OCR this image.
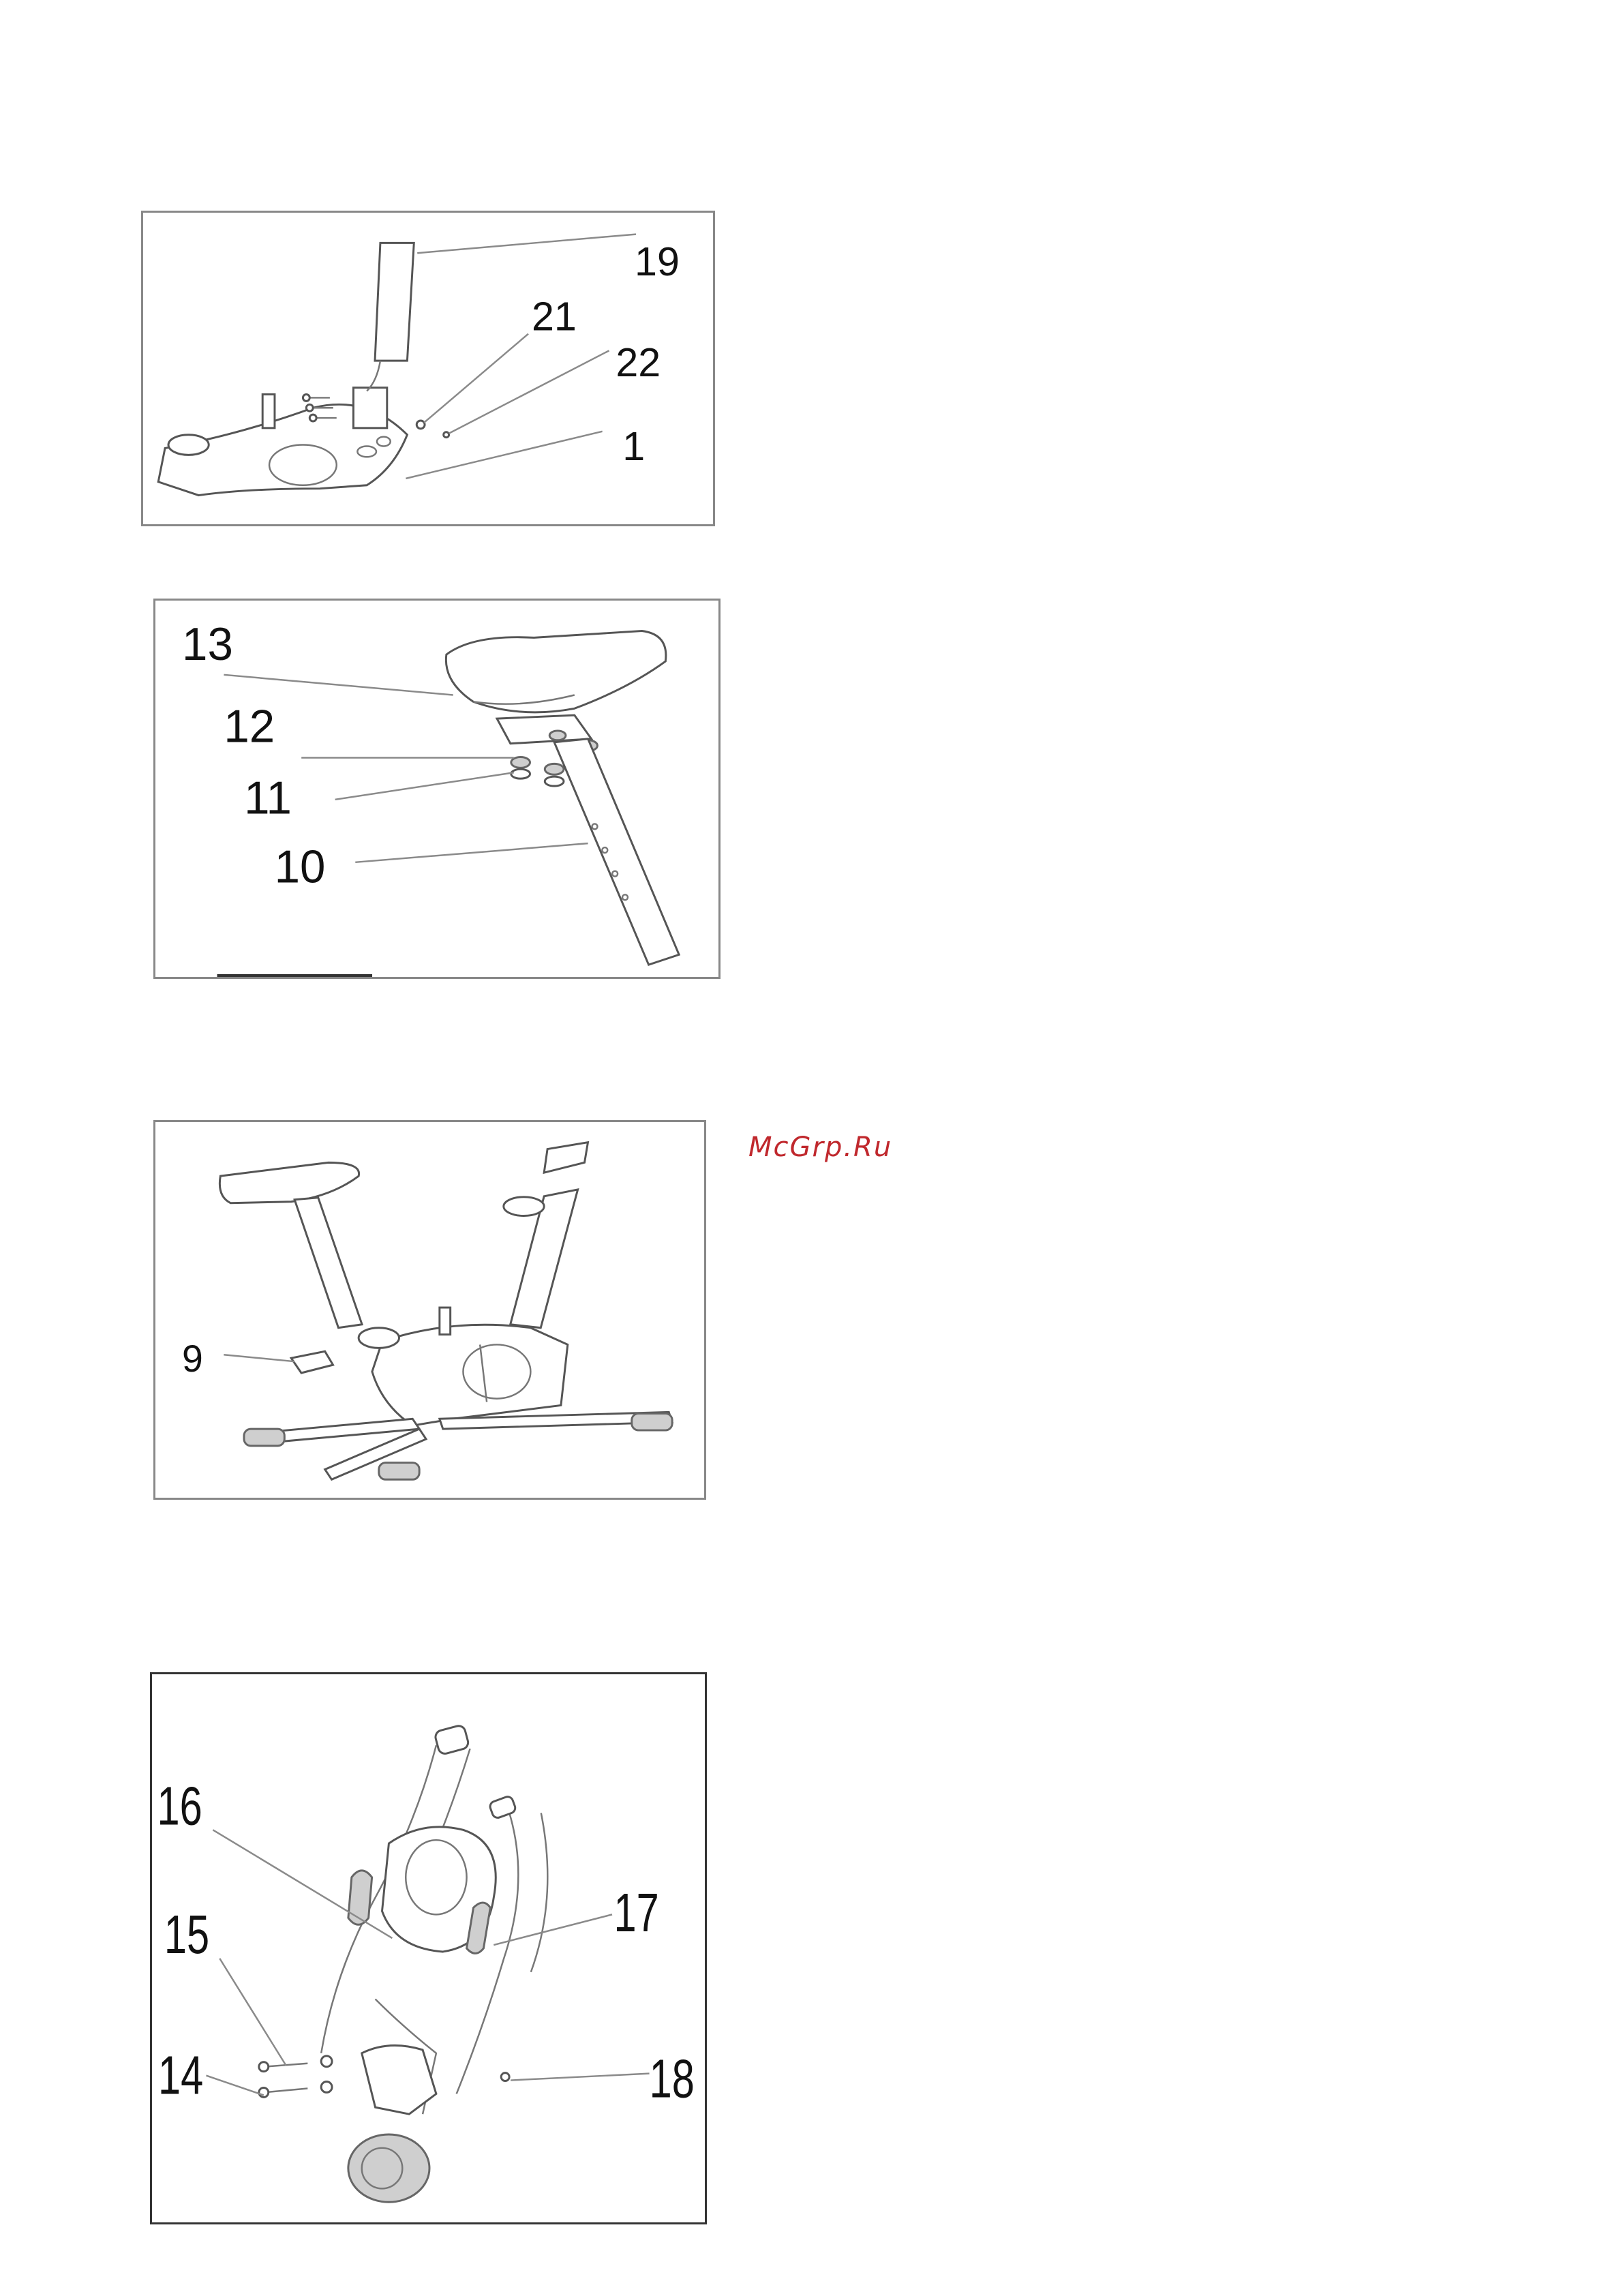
19
21
22
1
13
12
11
10
9
16
15
14
17
18
McGrp.Ru
